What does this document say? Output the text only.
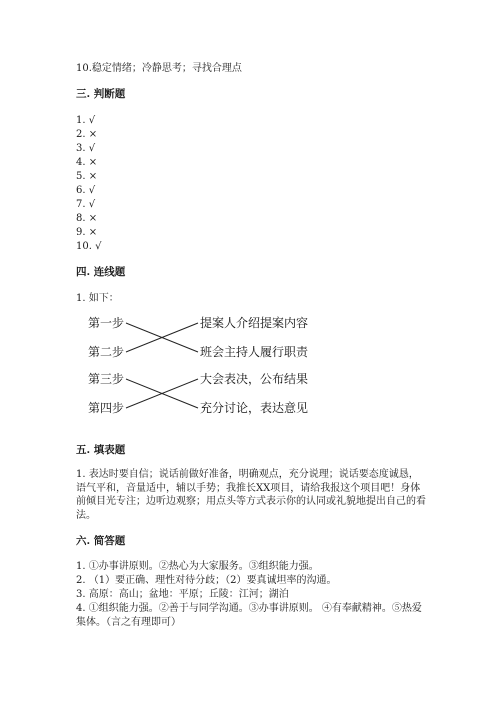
10.稳定情绪；冷静思考；寻找合理点
三. 判断题
1. √
2. ×
3. √
4. ×
5. ×
6. √
7. √
8. ×
9. ×
10. √
四. 连线题
1. 如下：
第一步
第二步
第三步
第四步
提案人介绍提案内容
班会主持人履行职责
大会表决，公布结果
充分讨论，表达意见
五. 填表题
1. 表达时要自信；说话前做好准备，明确观点，充分说理；说话要态度诚恳，语气平和，音量适中，辅以手势；我推长XX项目，请给我报这个项目吧！身体前倾目光专注；边听边观察；用点头等方式表示你的认同或礼貌地提出自己的看法。
六. 简答题
1. ①办事讲原则。②热心为大家服务。③组织能力强。
2. （1）要正确、理性对待分歧；（2）要真诚坦率的沟通。
3. 高原：高山；盆地：平原；丘陵：江河；湖泊
4. ①组织能力强。②善于与同学沟通。③办事讲原则。 ④有奉献精神。⑤热爱集体。（言之有理即可）
